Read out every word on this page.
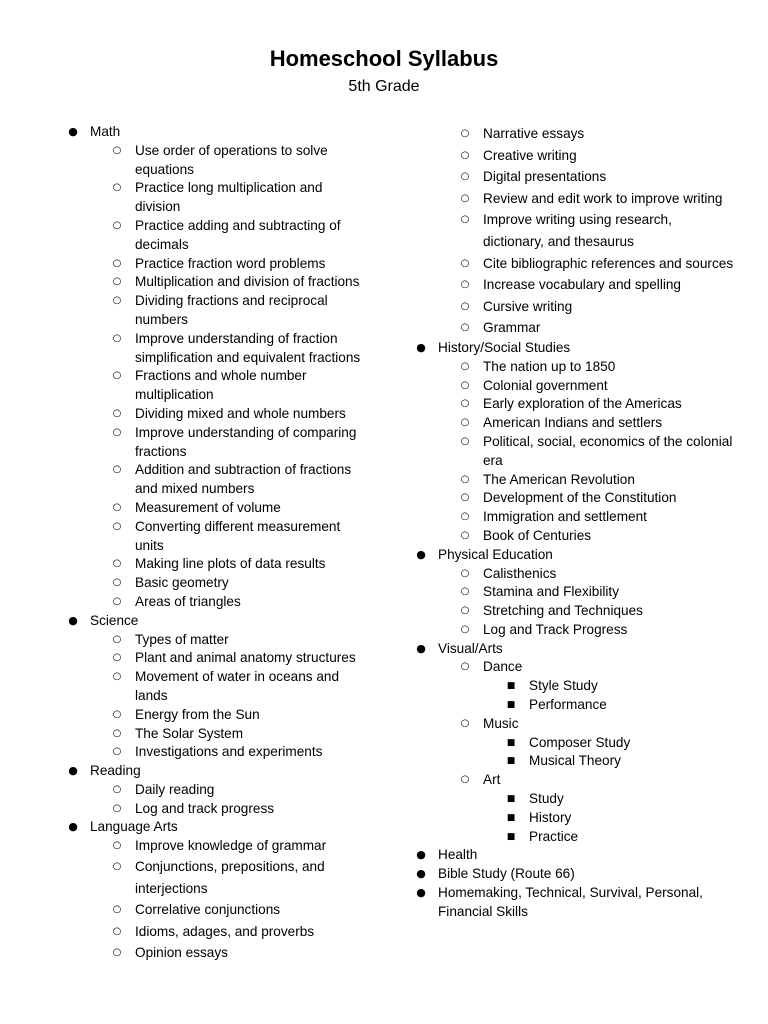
Homeschool Syllabus
5th Grade
● Math
○ Use order of operations to solve equations
○ Practice long multiplication and division
○ Practice adding and subtracting of decimals
○ Practice fraction word problems
○ Multiplication and division of fractions
○ Dividing fractions and reciprocal numbers
○ Improve understanding of fraction simplification and equivalent fractions
○ Fractions and whole number multiplication
○ Dividing mixed and whole numbers
○ Improve understanding of comparing fractions
○ Addition and subtraction of fractions and mixed numbers
○ Measurement of volume
○ Converting different measurement units
○ Making line plots of data results
○ Basic geometry
○ Areas of triangles
● Science
○ Types of matter
○ Plant and animal anatomy structures
○ Movement of water in oceans and lands
○ Energy from the Sun
○ The Solar System
○ Investigations and experiments
● Reading
○ Daily reading
○ Log and track progress
● Language Arts
○ Improve knowledge of grammar
○ Conjunctions, prepositions, and interjections
○ Correlative conjunctions
○ Idioms, adages, and proverbs
○ Opinion essays
○ Narrative essays
○ Creative writing
○ Digital presentations
○ Review and edit work to improve writing
○ Improve writing using research, dictionary, and thesaurus
○ Cite bibliographic references and sources
○ Increase vocabulary and spelling
○ Cursive writing
○ Grammar
● History/Social Studies
○ The nation up to 1850
○ Colonial government
○ Early exploration of the Americas
○ American Indians and settlers
○ Political, social, economics of the colonial era
○ The American Revolution
○ Development of the Constitution
○ Immigration and settlement
○ Book of Centuries
● Physical Education
○ Calisthenics
○ Stamina and Flexibility
○ Stretching and Techniques
○ Log and Track Progress
● Visual/Arts
○ Dance
■ Style Study
■ Performance
○ Music
■ Composer Study
■ Musical Theory
○ Art
■ Study
■ History
■ Practice
● Health
● Bible Study (Route 66)
● Homemaking, Technical, Survival, Personal, Financial Skills
